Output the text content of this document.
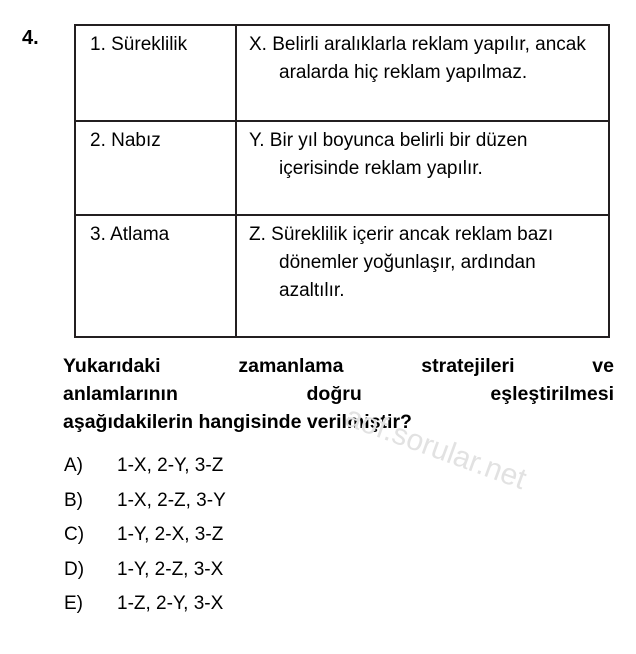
4.	1. Süreklilik	X. Belirli aralıklarla reklam yapılır, ancak aralarda hiç reklam yapılmaz.

2. Nabız	Y. Bir yıl boyunca belirli bir düzen içerisinde reklam yapılır.

3. Atlama	Z. Süreklilik içerir ancak reklam bazı dönemler yoğunlaşır, ardından azaltılır.
Yukarıdaki zamanlama stratejileri ve
anlamlarının doğru eşleştirilmesi
aşağıdakilerin hangisinde verilmiştir?
A)	1-X, 2-Y, 3-Z
B)	1-X, 2-Z, 3-Y
C)	1-Y, 2-X, 3-Z
D)	1-Y, 2-Z, 3-X
E)	1-Z, 2-Y, 3-X
aof.sorular.net
